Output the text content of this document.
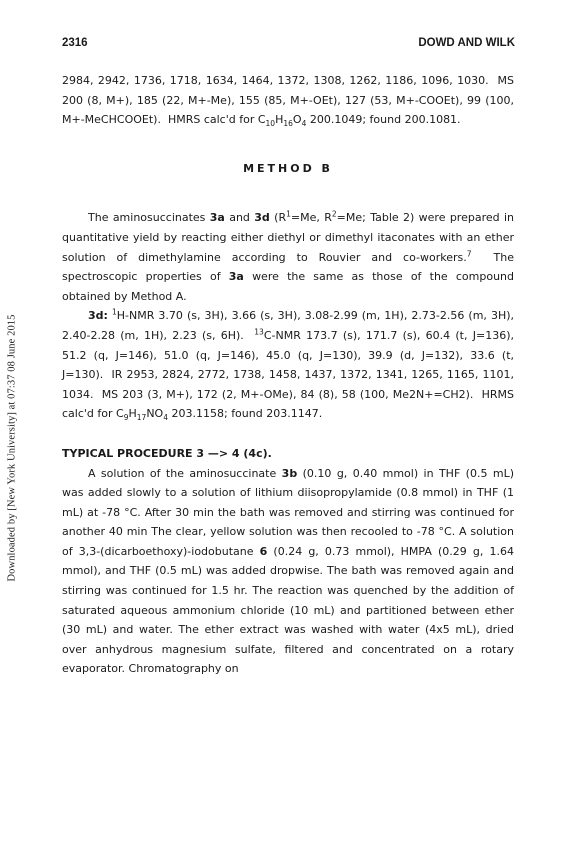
Downloaded by [New York University] at 07:37 08 June 2015
2316	DOWD AND WILK

2984, 2942, 1736, 1718, 1634, 1464, 1372, 1308, 1262, 1186, 1096, 1030. MS 200 (8, M+), 185 (22, M+-Me), 155 (85, M+-OEt), 127 (53, M+-COOEt), 99 (100, M+-MeCHCOOEt). HMRS calc'd for $C_{10}H_{16}O_4$ 200.1049; found 200.1081.

METHOD B

The aminosuccinates 3a and 3d ($R^1=Me$, $R^2=Me$; Table 2) were prepared in quantitative yield by reacting either diethyl or dimethyl itaconates with an ether solution of dimethylamine according to Rouvier and co-workers.$^7$ The spectroscopic properties of 3a were the same as those of the compound obtained by Method A.

3d: $^1$H-NMR 3.70 (s, 3H), 3.66 (s, 3H), 3.08-2.99 (m, 1H), 2.73-2.56 (m, 3H), 2.40-2.28 (m, 1H), 2.23 (s, 6H). $^{13}$C-NMR 173.7 (s), 171.7 (s), 60.4 (t, J=136), 51.2 (q, J=146), 51.0 (q, J=146), 45.0 (q, J=130), 39.9 (d, J=132), 33.6 (t, J=130). IR 2953, 2824, 2772, 1738, 1458, 1437, 1372, 1341, 1265, 1165, 1101, 1034. MS 203 (3, M+), 172 (2, M+-OMe), 84 (8), 58 (100, Me2N+=CH2). HRMS calc'd for $C_9H_{17}NO_4$ 203.1158; found 203.1147.

TYPICAL PROCEDURE 3 —> 4 (4c).

A solution of the aminosuccinate 3b (0.10 g, 0.40 mmol) in THF (0.5 mL) was added slowly to a solution of lithium diisopropylamide (0.8 mmol) in THF (1 mL) at -78 °C. After 30 min the bath was removed and stirring was continued for another 40 min The clear, yellow solution was then recooled to -78 °C. A solution of 3,3-(dicarboethoxy)-iodobutane 6 (0.24 g, 0.73 mmol), HMPA (0.29 g, 1.64 mmol), and THF (0.5 mL) was added dropwise. The bath was removed again and stirring was continued for 1.5 hr. The reaction was quenched by the addition of saturated aqueous ammonium chloride (10 mL) and partitioned between ether (30 mL) and water. The ether extract was washed with water (4x5 mL), dried over anhydrous magnesium sulfate, filtered and concentrated on a rotary evaporator. Chromatography on
